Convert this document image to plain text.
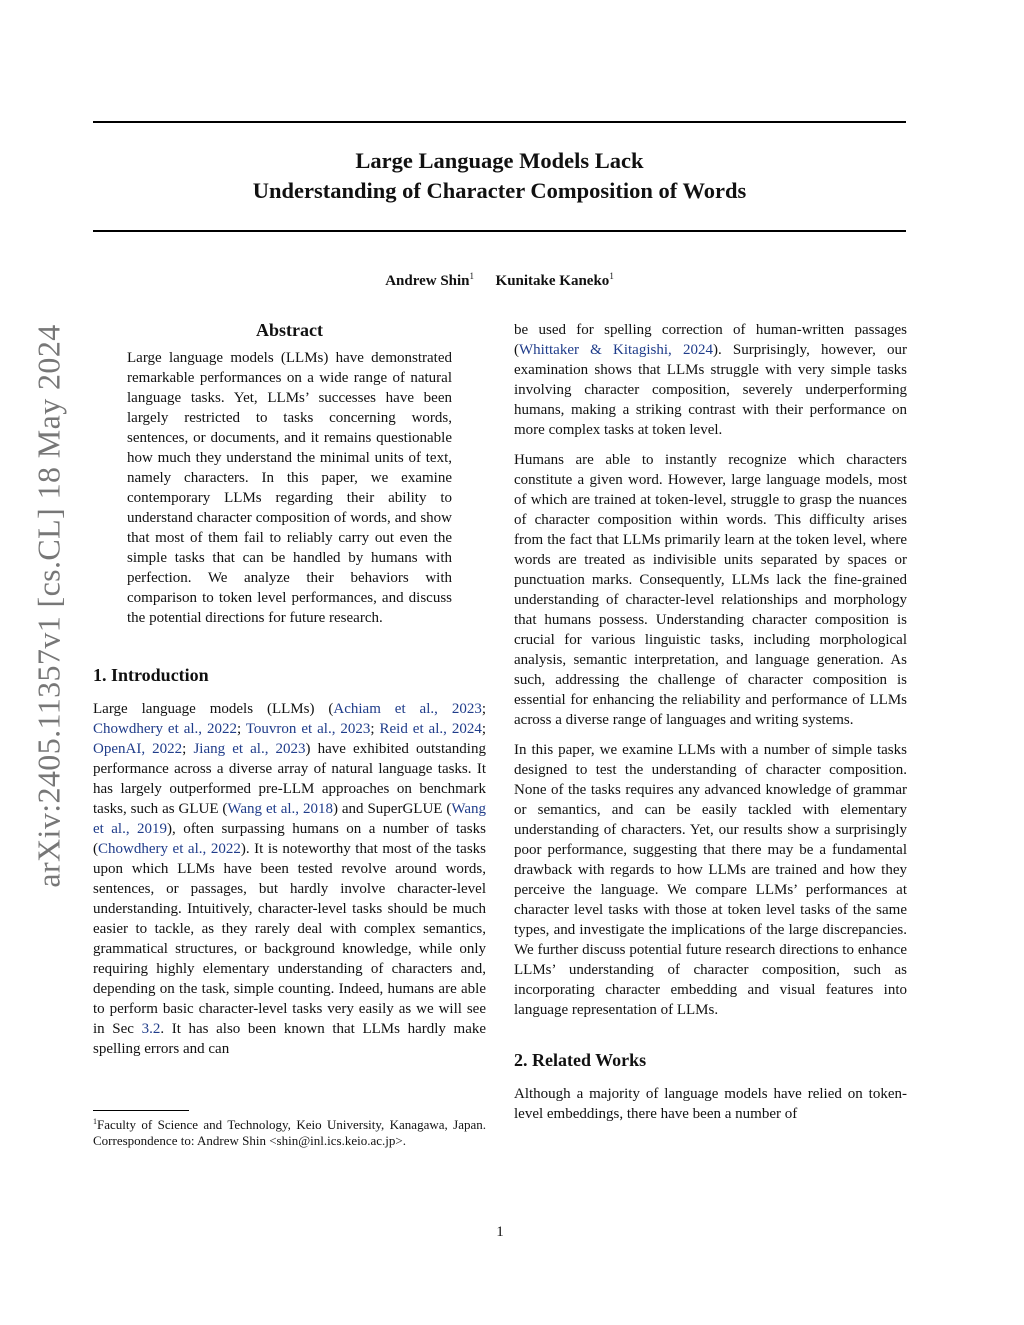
Large Language Models Lack
Understanding of Character Composition of Words
Andrew Shin$^1$ Kunitake Kaneko$^1$
arXiv:2405.11357v1 [cs.CL] 18 May 2024	Abstract

Large language models (LLMs) have demonstrated remarkable performances on a wide range of natural language tasks. Yet, LLMs’ successes have been largely restricted to tasks concerning words, sentences, or documents, and it remains questionable how much they understand the minimal units of text, namely characters. In this paper, we examine contemporary LLMs regarding their ability to understand character composition of words, and show that most of them fail to reliably carry out even the simple tasks that can be handled by humans with perfection. We analyze their behaviors with comparison to token level performances, and discuss the potential directions for future research.

1. Introduction

Large language models (LLMs) (Achiam et al., 2023; Chowdhery et al., 2022; Touvron et al., 2023; Reid et al., 2024; OpenAI, 2022; Jiang et al., 2023) have exhibited outstanding performance across a diverse array of natural language tasks. It has largely outperformed pre-LLM approaches on benchmark tasks, such as GLUE (Wang et al., 2018) and SuperGLUE (Wang et al., 2019), often surpassing humans on a number of tasks (Chowdhery et al., 2022). It is noteworthy that most of the tasks upon which LLMs have been tested revolve around words, sentences, or passages, but hardly involve character-level understanding. Intuitively, character-level tasks should be much easier to tackle, as they rarely deal with complex semantics, grammatical structures, or background knowledge, while only requiring highly elementary understanding of characters and, depending on the task, simple counting. Indeed, humans are able to perform basic character-level tasks very easily as we will see in Sec 3.2. It has also been known that LLMs hardly make spelling errors and can

$^1$Faculty of Science and Technology, Keio University, Kanagawa, Japan. Correspondence to: Andrew Shin <shin@inl.ics.keio.ac.jp>.

be used for spelling correction of human-written passages (Whittaker & Kitagishi, 2024). Surprisingly, however, our examination shows that LLMs struggle with very simple tasks involving character composition, severely underperforming humans, making a striking contrast with their performance on more complex tasks at token level.

Humans are able to instantly recognize which characters constitute a given word. However, large language models, most of which are trained at token-level, struggle to grasp the nuances of character composition within words. This difficulty arises from the fact that LLMs primarily learn at the token level, where words are treated as indivisible units separated by spaces or punctuation marks. Consequently, LLMs lack the fine-grained understanding of character-level relationships and morphology that humans possess. Understanding character composition is crucial for various linguistic tasks, including morphological analysis, semantic interpretation, and language generation. As such, addressing the challenge of character composition is essential for enhancing the reliability and performance of LLMs across a diverse range of languages and writing systems.

In this paper, we examine LLMs with a number of simple tasks designed to test the understanding of character composition. None of the tasks requires any advanced knowledge of grammar or semantics, and can be easily tackled with elementary understanding of characters. Yet, our results show a surprisingly poor performance, suggesting that there may be a fundamental drawback with regards to how LLMs are trained and how they perceive the language. We compare LLMs’ performances at character level tasks with those at token level tasks of the same types, and investigate the implications of the large discrepancies. We further discuss potential future research directions to enhance LLMs’ understanding of character composition, such as incorporating character embedding and visual features into language representation of LLMs.

2. Related Works

Although a majority of language models have relied on token-level embeddings, there have been a number of

1
